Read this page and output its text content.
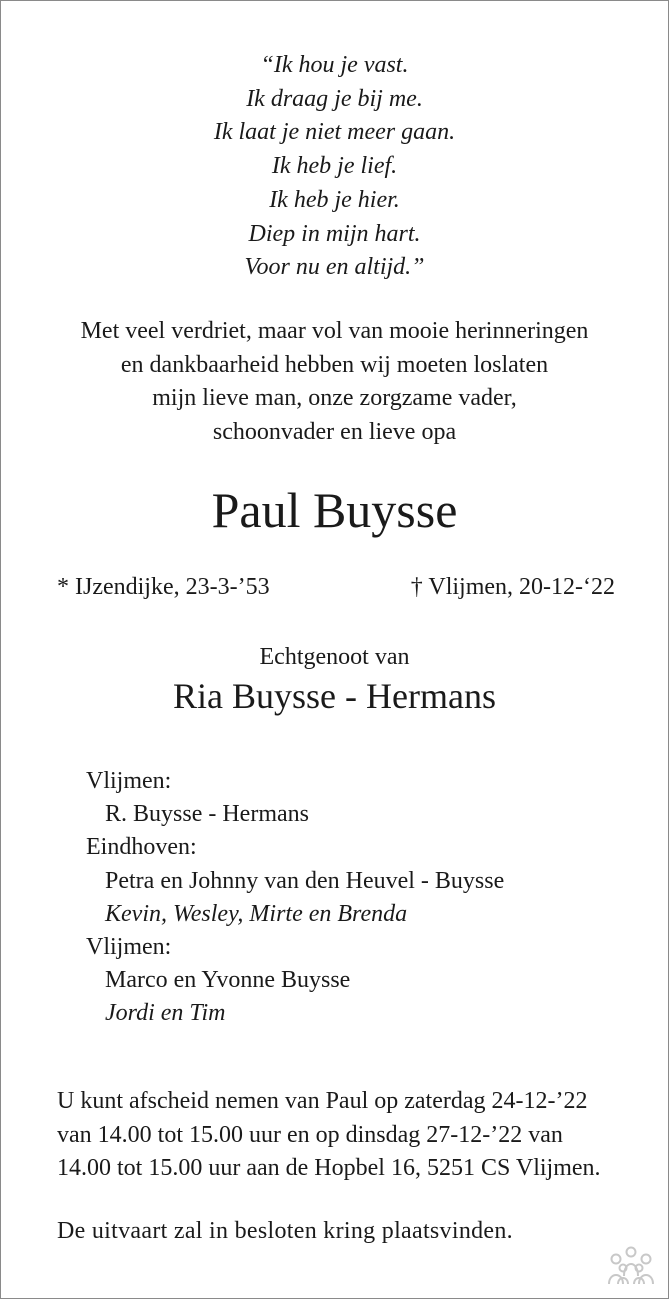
“Ik hou je vast.
Ik draag je bij me.
Ik laat je niet meer gaan.
Ik heb je lief.
Ik heb je hier.
Diep in mijn hart.
Voor nu en altijd.”
Met veel verdriet, maar vol van mooie herinneringen
en dankbaarheid hebben wij moeten loslaten
mijn lieve man, onze zorgzame vader,
schoonvader en lieve opa
Paul Buysse
* IJzendijke, 23-3-’53	† Vlijmen, 20-12-‘22
Echtgenoot van
Ria Buysse - Hermans
Vlijmen:
R. Buysse - Hermans
Eindhoven:
Petra en Johnny van den Heuvel - Buysse
Kevin, Wesley, Mirte en Brenda
Vlijmen:
Marco en Yvonne Buysse
Jordi en Tim
U kunt afscheid nemen van Paul op zaterdag 24-12-’22
van 14.00 tot 15.00 uur en op dinsdag 27-12-’22 van
14.00 tot 15.00 uur aan de Hopbel 16, 5251 CS Vlijmen.
De uitvaart zal in besloten kring plaatsvinden.
